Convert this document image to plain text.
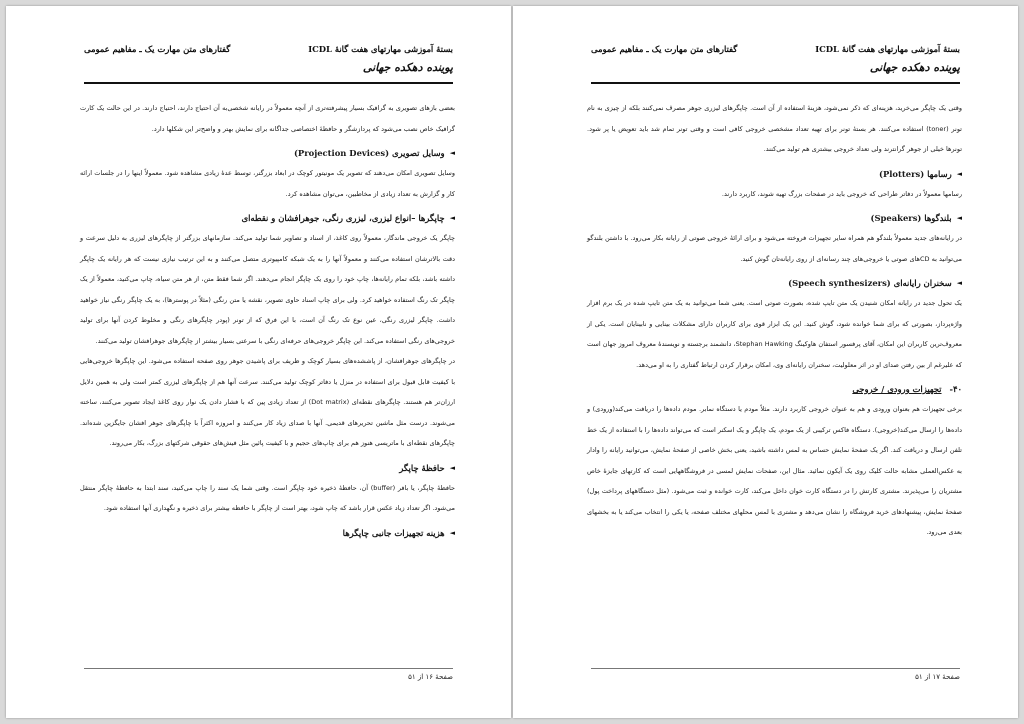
بستهٔ آموزشی مهارتهای هفت گانهٔ ICDL
گفتارهای متن مهارت یک ـ مفاهیم عمومی
پوینده دهکده جهانی

بعضی بازهای تصویری به گرافیک بسیار پیشرفته‌تری از آنچه معمولاً در رایانه شخصی‌به آن احتیاج دارند، احتیاج دارند. در این حالت یک کارت گرافیک خاص نصب می‌شود که پردازشگر و حافظهٔ اختصاصی جداگانه برای نمایش بهتر و واضح‌تر این شکلها دارد.

◄
وسایل تصویری (Projection Devices)

وسایل تصویری امکان می‌دهند که تصویر یک مونیتور کوچک در ابعاد بزرگتر، توسط عدهٔ زیادی مشاهده شود. معمولاً اینها را در جلسات ارائه کار و گزارش به تعداد زیادی از مخاطبین، می‌توان مشاهده کرد.

◄
چاپگرها –انواع لیزری، لیزری رنگی، جوهرافشان و نقطه‌ای

چاپگر یک خروجی ماندگار، معمولاً روی کاغذ، از اسناد و تصاویر شما تولید می‌کند. سازمانهای بزرگتر از چاپگرهای لیزری به دلیل سرعت و دقت بالاتر‌شان استفاده می‌کنند و معمولاً آنها را به یک شبکه کامپیوتری متصل می‌کنند و به این ترتیب نیازی نیست که هر رایانه یک چاپگر داشته باشد، بلکه تمام رایانه‌ها، چاپ خود را روی یک چاپگر انجام می‌دهند. اگر شما فقط متن، از هر متن سیاه، چاپ می‌کنید، معمولاً از یک چاپگر تک رنگ استفاده خواهید کرد. ولی برای چاپ اسناد حاوی تصویر، نقشه یا متن رنگی (مثلاً در پوسترها)، به یک چاپگر رنگی نیاز خواهید داشت. چاپگر لیزری رنگی، عین نوع تک رنگ آن است، با این فرق که از تونر (پودر چاپگرهای رنگی و مخلوط کردن آنها برای تولید خروجی‌های رنگی استفاده می‌کند. این چاپگر خروجی‌های حرفه‌ای رنگی با سرعتی بسیار بیشتر از چاپگرهای جوهرافشان تولید می‌کنند.

در چاپگرهای جوهرافشان، از پاششده‌های بسیار کوچک و ظریف برای پاشیدن جوهر روی صفحه استفاده می‌شود. این چاپگرها خروجی‌هایی با کیفیت قابل قبول برای استفاده در منزل یا دفاتر کوچک تولید می‌کنند. سرعت آنها هم از چاپگرهای لیزری کمتر است ولی به همین دلایل ارزان‌تر هم هستند. چاپگرهای نقطه‌ای (Dot matrix) از تعداد زیادی پین که با فشار دادن یک نوار روی کاغذ ایجاد تصویر می‌کنند، ساخته می‌شوند. درست مثل ماشین تحریرهای قدیمی. آنها با صدای زیاد کار می‌کنند و امروزه اکثراً با چاپگرهای جوهر افشان جایگزین شده‌اند. چاپگرهای نقطه‌ای با ماتریسی هنوز هم برای چاپ‌های حجیم و با کیفیت پائین مثل فیش‌های حقوقی شرکتهای بزرگ، بکار می‌روند.

◄
حافظهٔ چاپگر

حافظهٔ چاپگر، یا بافر (buffer) آن، حافظهٔ ذخیره خود چاپگر است. وقتی شما یک سند را چاپ می‌کنید، سند ابتدا به حافظهٔ چاپگر منتقل می‌شود. اگر تعداد زیاد عکس قرار باشد که چاپ شود، بهتر است از چاپگر با حافظه بیشتر برای ذخیره و نگهداری آنها استفاده شود.

◄
هزینه تجهیزات جانبی چاپگرها
صفحهٔ ۱۶ از ۵۱
بستهٔ آموزشی مهارتهای هفت گانهٔ ICDL
گفتارهای متن مهارت یک ـ مفاهیم عمومی
پوینده دهکده جهانی

وقتی یک چاپگر می‌خرید، هزینه‌ای که ذکر نمی‌شود، هزینهٔ استفاده از آن است. چاپگرهای لیزری جوهر مصرف نمی‌کنند بلکه از چیزی به نام تونر (toner) استفاده می‌کنند. هر بستهٔ تونر برای تهیه تعداد مشخصی خروجی کافی است و وقتی تونر تمام شد باید تعویض یا پر شود. تونرها خیلی از جوهر گرانترند ولی تعداد خروجی بیشتری هم تولید می‌کنند.

◄
رسامها (Plotters)

رسامها معمولاً در دفاتر طراحی که خروجی باید در صفحات بزرگ تهیه شوند، کاربرد دارند.

◄
بلندگوها (Speakers)

در رایانه‌های جدید معمولاً بلندگو هم همراه سایر تجهیزات فروخته می‌شود و برای ارائهٔ خروجی صوتی از رایانه بکار می‌رود. با داشتن بلندگو می‌توانید به CDهای صوتی یا خروجی‌های چند رسانه‌ای از روی رایانه‌تان گوش کنید.

◄
سخنران رایانه‌ای (Speech synthesizers)

یک تحول جدید در رایانه امکان شنیدن یک متن تایپ شده، بصورت صوتی است. یعنی شما می‌توانید به یک متن تایپ شده در یک برم افزار واژه‌پرداز، بصورتی که برای شما خوانده شود، گوش کنید. این یک ابزار قوی برای کاربران دارای مشکلات بینایی و نابینایان است. یکی از معروف‌ترین کاربران این امکان، آقای پرفسور استفان هاوکینگ Stephan Hawking، دانشمند برجسته و نویسندهٔ معروف امروز جهان است که علیرغم از بین رفتن صدای او در اثر معلولیت، سخنران رایانه‌ای وی، امکان برقرار کردن ارتباط گفتاری را به او می‌دهد.

۴۰-
تجهیزات ورودی / خروجی

برخی تجهیزات هم بعنوان ورودی و هم به عنوان خروجی کاربرد دارند. مثلاً مودم یا دستگاه نمابر. مودم داده‌ها را دریافت می‌کند(ورودی) و داده‌ها را ارسال می‌کند(خروجی). دستگاه فاکس ترکیبی از یک مودم، یک چاپگر و یک اسکنر است که می‌تواند داده‌ها را با استفاده از یک خط تلفن ارسال و دریافت کند. اگر یک صفحهٔ نمایش حساس به لمس داشته باشید، یعنی بخش خاصی از صفحهٔ نمایش، می‌توانید رایانه را وادار به عکس‌العملی مشابه حالت کلیک روی یک آیکون نمائید. مثال این، صفحات نمایش لمسی در فروشگاههایی است که کارتهای جایزهٔ خاص مشتریان را می‌پذیرند. مشتری کارتش را در دستگاه کارت خوان داخل می‌کند، کارت خوانده و ثبت می‌شود. (مثل دستگاههای پرداخت پول) صفحهٔ نمایش، پیشنهادهای خرید فروشگاه را نشان می‌دهد و مشتری با لمس محلهای مختلف صفحه، یا یکی را انتخاب می‌کند یا به بخشهای بعدی می‌رود.

صفحهٔ ۱۷ از ۵۱
